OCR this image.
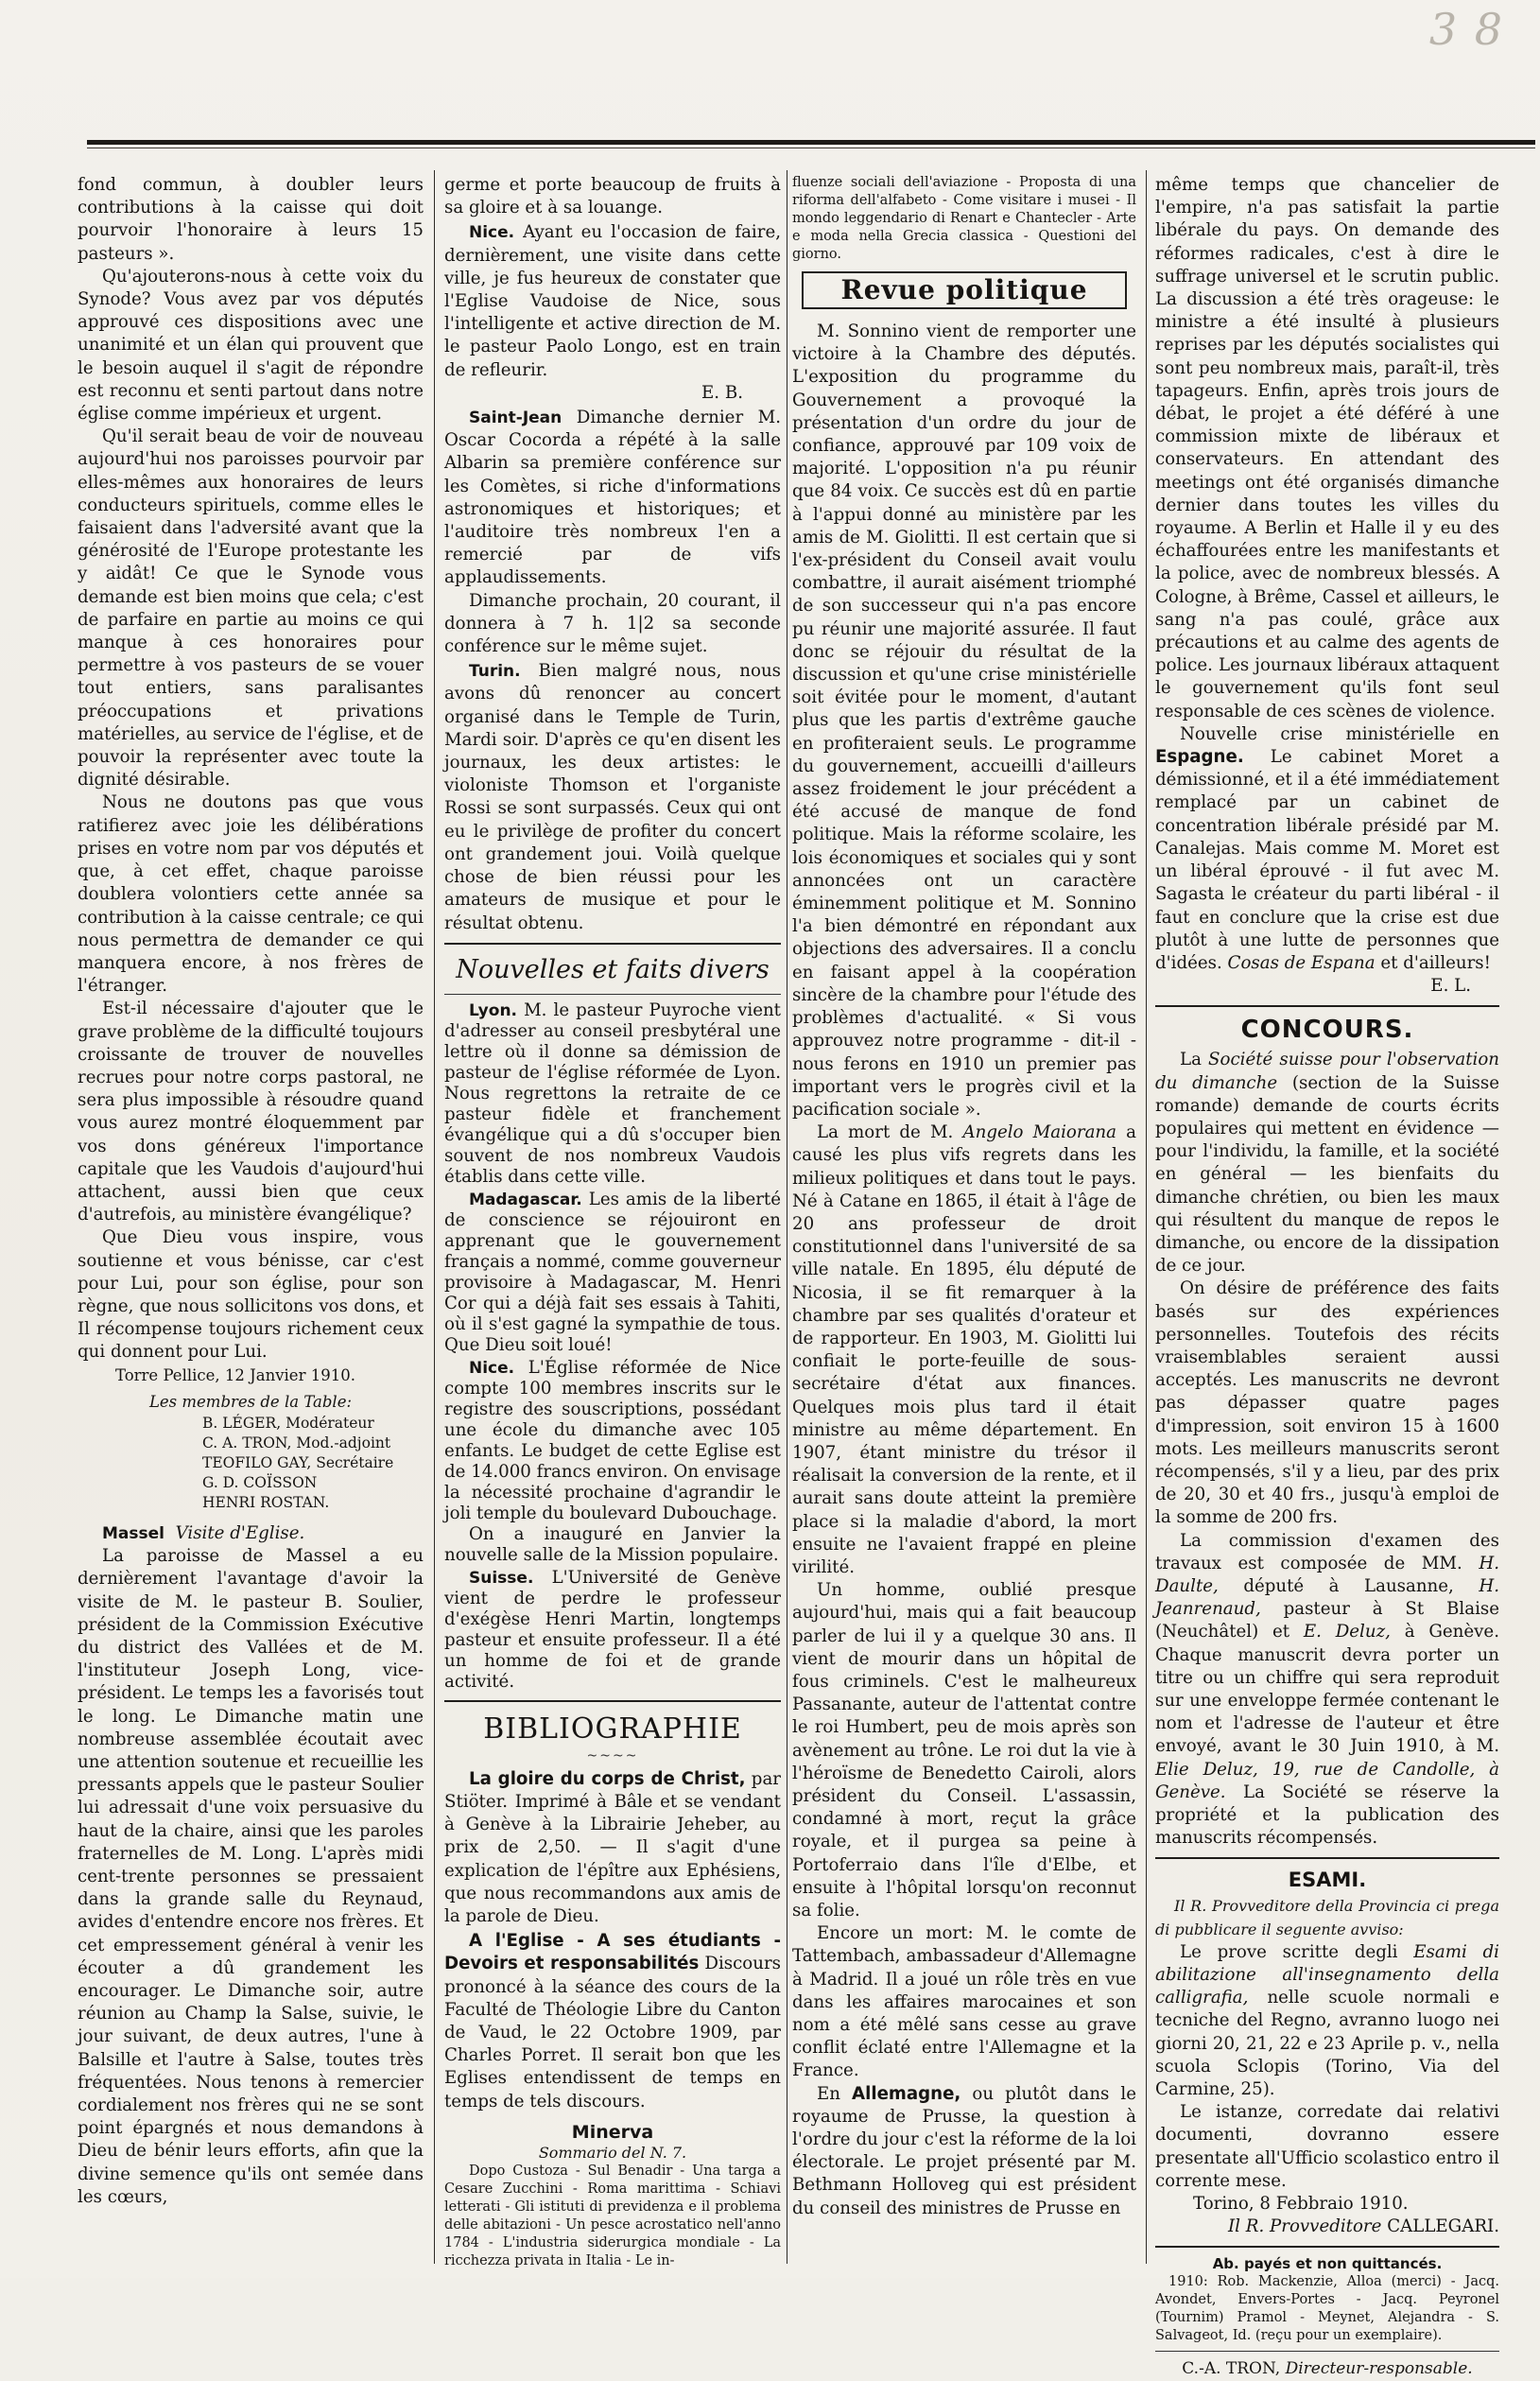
3 8

fond commun, à doubler leurs contributions à la caisse qui doit pourvoir l'honoraire à leurs 15 pasteurs ».

Qu'ajouterons-nous à cette voix du Synode? Vous avez par vos députés approuvé ces dispositions avec une unanimité et un élan qui prouvent que le besoin auquel il s'agit de répondre est reconnu et senti partout dans notre église comme impérieux et urgent.

Qu'il serait beau de voir de nouveau aujourd'hui nos paroisses pourvoir par elles-mêmes aux honoraires de leurs conducteurs spirituels, comme elles le faisaient dans l'adversité avant que la générosité de l'Europe protestante les y aidât! Ce que le Synode vous demande est bien moins que cela; c'est de parfaire en partie au moins ce qui manque à ces honoraires pour permettre à vos pasteurs de se vouer tout entiers, sans paralisantes préoccupations et privations matérielles, au service de l'église, et de pouvoir la représenter avec toute la dignité désirable.

Nous ne doutons pas que vous ratifierez avec joie les délibérations prises en votre nom par vos députés et que, à cet effet, chaque paroisse doublera volontiers cette année sa contribution à la caisse centrale; ce qui nous permettra de demander ce qui manquera encore, à nos frères de l'étranger.

Est-il nécessaire d'ajouter que le grave problème de la difficulté toujours croissante de trouver de nouvelles recrues pour notre corps pastoral, ne sera plus impossible à résoudre quand vous aurez montré éloquemment par vos dons généreux l'importance capitale que les Vaudois d'aujourd'hui attachent, aussi bien que ceux d'autrefois, au ministère évangélique?

Que Dieu vous inspire, vous soutienne et vous bénisse, car c'est pour Lui, pour son église, pour son règne, que nous sollicitons vos dons, et Il récompense toujours richement ceux qui donnent pour Lui.

Torre Pellice, 12 Janvier 1910.

Les membres de la Table:
B. LÉGER, Modérateur
C. A. TRON, Mod.-adjoint
TEOFILO GAY, Secrétaire
G. D. COÏSSON
HENRI ROSTAN.

Massel Visite d'Eglise.

La paroisse de Massel a eu dernièrement l'avantage d'avoir la visite de M. le pasteur B. Soulier, président de la Commission Exécutive du district des Vallées et de M. l'instituteur Joseph Long, vice-président. Le temps les a favorisés tout le long. Le Dimanche matin une nombreuse assemblée écoutait avec une attention soutenue et recueillie les pressants appels que le pasteur Soulier lui adressait d'une voix persuasive du haut de la chaire, ainsi que les paroles fraternelles de M. Long. L'après midi cent-trente personnes se pressaient dans la grande salle du Reynaud, avides d'entendre encore nos frères. Et cet empressement général à venir les écouter a dû grandement les encourager. Le Dimanche soir, autre réunion au Champ la Salse, suivie, le jour suivant, de deux autres, l'une à Balsille et l'autre à Salse, toutes très fréquentées. Nous tenons à remercier cordialement nos frères qui ne se sont point épargnés et nous demandons à Dieu de bénir leurs efforts, afin que la divine semence qu'ils ont semée dans les cœurs,

germe et porte beaucoup de fruits à sa gloire et à sa louange.

Nice. Ayant eu l'occasion de faire, dernièrement, une visite dans cette ville, je fus heureux de constater que l'Eglise Vaudoise de Nice, sous l'intelligente et active direction de M. le pasteur Paolo Longo, est en train de refleurir.

E. B.

Saint-Jean Dimanche dernier M. Oscar Cocorda a répété à la salle Albarin sa première conférence sur les Comètes, si riche d'informations astronomiques et historiques; et l'auditoire très nombreux l'en a remercié par de vifs applaudissements.

Dimanche prochain, 20 courant, il donnera à 7 h. 1|2 sa seconde conférence sur le même sujet.

Turin. Bien malgré nous, nous avons dû renoncer au concert organisé dans le Temple de Turin, Mardi soir. D'après ce qu'en disent les journaux, les deux artistes: le violoniste Thomson et l'organiste Rossi se sont surpassés. Ceux qui ont eu le privilège de profiter du concert ont grandement joui. Voilà quelque chose de bien réussi pour les amateurs de musique et pour le résultat obtenu.

Nouvelles et faits divers

Lyon. M. le pasteur Puyroche vient d'adresser au conseil presbytéral une lettre où il donne sa démission de pasteur de l'église réformée de Lyon. Nous regrettons la retraite de ce pasteur fidèle et franchement évangélique qui a dû s'occuper bien souvent de nos nombreux Vaudois établis dans cette ville.

Madagascar. Les amis de la liberté de conscience se réjouiront en apprenant que le gouvernement français a nommé, comme gouverneur provisoire à Madagascar, M. Henri Cor qui a déjà fait ses essais à Tahiti, où il s'est gagné la sympathie de tous. Que Dieu soit loué!

Nice. L'Église réformée de Nice compte 100 membres inscrits sur le registre des souscriptions, possédant une école du dimanche avec 105 enfants. Le budget de cette Eglise est de 14.000 francs environ. On envisage la nécessité prochaine d'agrandir le joli temple du boulevard Dubouchage.

On a inauguré en Janvier la nouvelle salle de la Mission populaire.

Suisse. L'Université de Genève vient de perdre le professeur d'exégèse Henri Martin, longtemps pasteur et ensuite professeur. Il a été un homme de foi et de grande activité.

BIBLIOGRAPHIE
~~~~

La gloire du corps de Christ, par Stiöter. Imprimé à Bâle et se vendant à Genève à la Librairie Jeheber, au prix de 2,50. — Il s'agit d'une explication de l'épître aux Ephésiens, que nous recommandons aux amis de la parole de Dieu.

A l'Eglise - A ses étudiants - Devoirs et responsabilités Discours prononcé à la séance des cours de la Faculté de Théologie Libre du Canton de Vaud, le 22 Octobre 1909, par Charles Porret. Il serait bon que les Eglises entendissent de temps en temps de tels discours.

Minerva
Sommario del N. 7.

Dopo Custoza - Sul Benadir - Una targa a Cesare Zucchini - Roma marittima - Schiavi letterati - Gli istituti di previdenza e il problema delle abitazioni - Un pesce acrostatico nell'anno 1784 - L'industria siderurgica mondiale - La ricchezza privata in Italia - Le in-

fluenze sociali dell'aviazione - Proposta di una riforma dell'alfabeto - Come visitare i musei - Il mondo leggendario di Renart e Chantecler - Arte e moda nella Grecia classica - Questioni del giorno.

Revue politique

M. Sonnino vient de remporter une victoire à la Chambre des députés. L'exposition du programme du Gouvernement a provoqué la présentation d'un ordre du jour de confiance, approuvé par 109 voix de majorité. L'opposition n'a pu réunir que 84 voix. Ce succès est dû en partie à l'appui donné au ministère par les amis de M. Giolitti. Il est certain que si l'ex-président du Conseil avait voulu combattre, il aurait aisément triomphé de son successeur qui n'a pas encore pu réunir une majorité assurée. Il faut donc se réjouir du résultat de la discussion et qu'une crise ministérielle soit évitée pour le moment, d'autant plus que les partis d'extrême gauche en profiteraient seuls. Le programme du gouvernement, accueilli d'ailleurs assez froidement le jour précédent a été accusé de manque de fond politique. Mais la réforme scolaire, les lois économiques et sociales qui y sont annoncées ont un caractère éminemment politique et M. Sonnino l'a bien démontré en répondant aux objections des adversaires. Il a conclu en faisant appel à la coopération sincère de la chambre pour l'étude des problèmes d'actualité. « Si vous approuvez notre programme - dit-il - nous ferons en 1910 un premier pas important vers le progrès civil et la pacification sociale ».

La mort de M. Angelo Maiorana a causé les plus vifs regrets dans les milieux politiques et dans tout le pays. Né à Catane en 1865, il était à l'âge de 20 ans professeur de droit constitutionnel dans l'université de sa ville natale. En 1895, élu député de Nicosia, il se fit remarquer à la chambre par ses qualités d'orateur et de rapporteur. En 1903, M. Giolitti lui confiait le porte-feuille de sous-secrétaire d'état aux finances. Quelques mois plus tard il était ministre au même département. En 1907, étant ministre du trésor il réalisait la conversion de la rente, et il aurait sans doute atteint la première place si la maladie d'abord, la mort ensuite ne l'avaient frappé en pleine virilité.

Un homme, oublié presque aujourd'hui, mais qui a fait beaucoup parler de lui il y a quelque 30 ans. Il vient de mourir dans un hôpital de fous criminels. C'est le malheureux Passanante, auteur de l'attentat contre le roi Humbert, peu de mois après son avènement au trône. Le roi dut la vie à l'héroïsme de Benedetto Cairoli, alors président du Conseil. L'assassin, condamné à mort, reçut la grâce royale, et il purgea sa peine à Portoferraio dans l'île d'Elbe, et ensuite à l'hôpital lorsqu'on reconnut sa folie.

Encore un mort: M. le comte de Tattembach, ambassadeur d'Allemagne à Madrid. Il a joué un rôle très en vue dans les affaires marocaines et son nom a été mêlé sans cesse au grave conflit éclaté entre l'Allemagne et la France.

En Allemagne, ou plutôt dans le royaume de Prusse, la question à l'ordre du jour c'est la réforme de la loi électorale. Le projet présenté par M. Bethmann Holloveg qui est président du conseil des ministres de Prusse en

même temps que chancelier de l'empire, n'a pas satisfait la partie libérale du pays. On demande des réformes radicales, c'est à dire le suffrage universel et le scrutin public. La discussion a été très orageuse: le ministre a été insulté à plusieurs reprises par les députés socialistes qui sont peu nombreux mais, paraît-il, très tapageurs. Enfin, après trois jours de débat, le projet a été déféré à une commission mixte de libéraux et conservateurs. En attendant des meetings ont été organisés dimanche dernier dans toutes les villes du royaume. A Berlin et Halle il y eu des échaffourées entre les manifestants et la police, avec de nombreux blessés. A Cologne, à Brême, Cassel et ailleurs, le sang n'a pas coulé, grâce aux précautions et au calme des agents de police. Les journaux libéraux attaquent le gouvernement qu'ils font seul responsable de ces scènes de violence.

Nouvelle crise ministérielle en Espagne. Le cabinet Moret a démissionné, et il a été immédiatement remplacé par un cabinet de concentration libérale présidé par M. Canalejas. Mais comme M. Moret est un libéral éprouvé - il fut avec M. Sagasta le créateur du parti libéral - il faut en conclure que la crise est due plutôt à une lutte de personnes que d'idées. Cosas de Espana et d'ailleurs!

E. L.

CONCOURS.

La Société suisse pour l'observation du dimanche (section de la Suisse romande) demande de courts écrits populaires qui mettent en évidence — pour l'individu, la famille, et la société en général — les bienfaits du dimanche chrétien, ou bien les maux qui résultent du manque de repos le dimanche, ou encore de la dissipation de ce jour.

On désire de préférence des faits basés sur des expériences personnelles. Toutefois des récits vraisemblables seraient aussi acceptés. Les manuscrits ne devront pas dépasser quatre pages d'impression, soit environ 15 à 1600 mots. Les meilleurs manuscrits seront récompensés, s'il y a lieu, par des prix de 20, 30 et 40 frs., jusqu'à emploi de la somme de 200 frs.

La commission d'examen des travaux est composée de MM. H. Daulte, député à Lausanne, H. Jeanrenaud, pasteur à St Blaise (Neuchâtel) et E. Deluz, à Genève. Chaque manuscrit devra porter un titre ou un chiffre qui sera reproduit sur une enveloppe fermée contenant le nom et l'adresse de l'auteur et être envoyé, avant le 30 Juin 1910, à M. Elie Deluz, 19, rue de Candolle, à Genève. La Société se réserve la propriété et la publication des manuscrits récompensés.

ESAMI.

Il R. Provveditore della Provincia ci prega di pubblicare il seguente avviso:

Le prove scritte degli Esami di abilitazione all'insegnamento della calligrafia, nelle scuole normali e tecniche del Regno, avranno luogo nei giorni 20, 21, 22 e 23 Aprile p. v., nella scuola Sclopis (Torino, Via del Carmine, 25).

Le istanze, corredate dai relativi documenti, dovranno essere presentate all'Ufficio scolastico entro il corrente mese.

Torino, 8 Febbraio 1910.

Il R. Provveditore CALLEGARI.

Ab. payés et non quittancés.

1910: Rob. Mackenzie, Alloa (merci) - Jacq. Avondet, Envers-Portes - Jacq. Peyronel (Tournim) Pramol - Meynet, Alejandra - S. Salvageot, Id. (reçu pour un exemplaire).

C.-A. TRON, Directeur-responsable.
